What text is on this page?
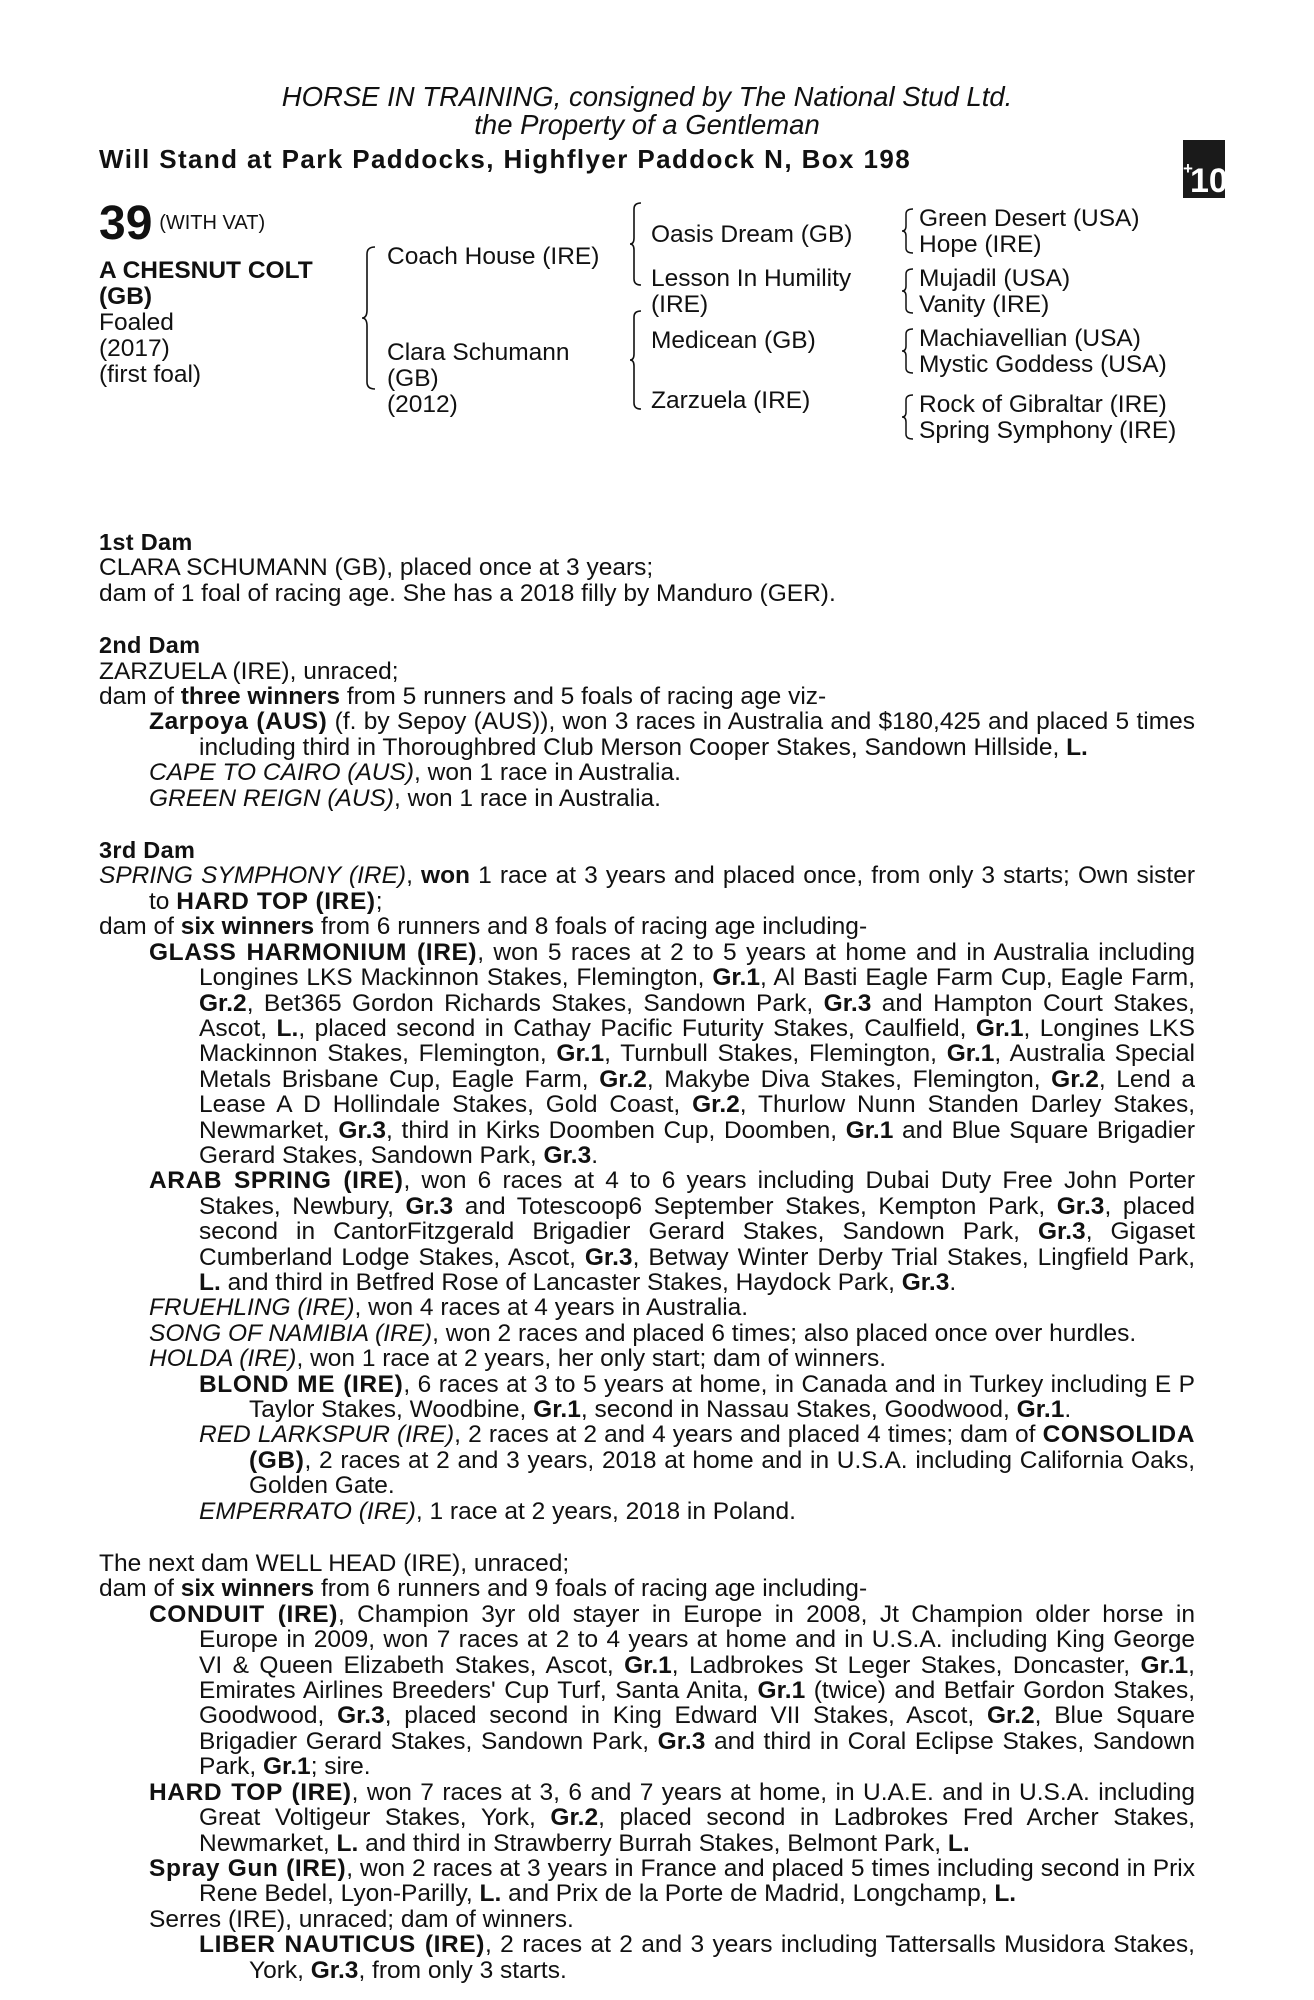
HORSE IN TRAINING, consigned by The National Stud Ltd.
the Property of a Gentleman
Will Stand at Park Paddocks, Highflyer Paddock N, Box 198
39 $^{(WITH VAT)}$
A CHESNUT COLT
(GB)
Foaled
(2017)
(first foal)
Coach House (IRE)
Clara Schumann
(GB)
(2012)
Oasis Dream (GB)
Lesson In Humility
(IRE)
Medicean (GB)
Zarzuela (IRE)
Green Desert (USA)
Hope (IRE)
Mujadil (USA)
Vanity (IRE)
Machiavellian (USA)
Mystic Goddess (USA)
Rock of Gibraltar (IRE)
Spring Symphony (IRE)

1st Dam

CLARA SCHUMANN (GB), placed once at 3 years;

dam of 1 foal of racing age. She has a 2018 filly by Manduro (GER).

2nd Dam

ZARZUELA (IRE), unraced;

dam of three winners from 5 runners and 5 foals of racing age viz-

Zarpoya (AUS) (f. by Sepoy (AUS)), won 3 races in Australia and $180,425 and placed 5 times including third in Thoroughbred Club Merson Cooper Stakes, Sandown Hillside, L.

CAPE TO CAIRO (AUS), won 1 race in Australia.

GREEN REIGN (AUS), won 1 race in Australia.

3rd Dam

SPRING SYMPHONY (IRE), won 1 race at 3 years and placed once, from only 3 starts; Own sister to HARD TOP (IRE);

dam of six winners from 6 runners and 8 foals of racing age including-

GLASS HARMONIUM (IRE), won 5 races at 2 to 5 years at home and in Australia including Longines LKS Mackinnon Stakes, Flemington, Gr.1, Al Basti Eagle Farm Cup, Eagle Farm, Gr.2, Bet365 Gordon Richards Stakes, Sandown Park, Gr.3 and Hampton Court Stakes, Ascot, L., placed second in Cathay Pacific Futurity Stakes, Caulfield, Gr.1, Longines LKS Mackinnon Stakes, Flemington, Gr.1, Turnbull Stakes, Flemington, Gr.1, Australia Special Metals Brisbane Cup, Eagle Farm, Gr.2, Makybe Diva Stakes, Flemington, Gr.2, Lend a Lease A D Hollindale Stakes, Gold Coast, Gr.2, Thurlow Nunn Standen Darley Stakes, Newmarket, Gr.3, third in Kirks Doomben Cup, Doomben, Gr.1 and Blue Square Brigadier Gerard Stakes, Sandown Park, Gr.3.

ARAB SPRING (IRE), won 6 races at 4 to 6 years including Dubai Duty Free John Porter Stakes, Newbury, Gr.3 and Totescoop6 September Stakes, Kempton Park, Gr.3, placed second in CantorFitzgerald Brigadier Gerard Stakes, Sandown Park, Gr.3, Gigaset Cumberland Lodge Stakes, Ascot, Gr.3, Betway Winter Derby Trial Stakes, Lingfield Park, L. and third in Betfred Rose of Lancaster Stakes, Haydock Park, Gr.3.

FRUEHLING (IRE), won 4 races at 4 years in Australia.

SONG OF NAMIBIA (IRE), won 2 races and placed 6 times; also placed once over hurdles.

HOLDA (IRE), won 1 race at 2 years, her only start; dam of winners.

BLOND ME (IRE), 6 races at 3 to 5 years at home, in Canada and in Turkey including E P Taylor Stakes, Woodbine, Gr.1, second in Nassau Stakes, Goodwood, Gr.1.

RED LARKSPUR (IRE), 2 races at 2 and 4 years and placed 4 times; dam of CONSOLIDA (GB), 2 races at 2 and 3 years, 2018 at home and in U.S.A. including California Oaks, Golden Gate.

EMPERRATO (IRE), 1 race at 2 years, 2018 in Poland.

The next dam WELL HEAD (IRE), unraced;

dam of six winners from 6 runners and 9 foals of racing age including-

CONDUIT (IRE), Champion 3yr old stayer in Europe in 2008, Jt Champion older horse in Europe in 2009, won 7 races at 2 to 4 years at home and in U.S.A. including King George VI & Queen Elizabeth Stakes, Ascot, Gr.1, Ladbrokes St Leger Stakes, Doncaster, Gr.1, Emirates Airlines Breeders' Cup Turf, Santa Anita, Gr.1 (twice) and Betfair Gordon Stakes, Goodwood, Gr.3, placed second in King Edward VII Stakes, Ascot, Gr.2, Blue Square Brigadier Gerard Stakes, Sandown Park, Gr.3 and third in Coral Eclipse Stakes, Sandown Park, Gr.1; sire.

HARD TOP (IRE), won 7 races at 3, 6 and 7 years at home, in U.A.E. and in U.S.A. including Great Voltigeur Stakes, York, Gr.2, placed second in Ladbrokes Fred Archer Stakes, Newmarket, L. and third in Strawberry Burrah Stakes, Belmont Park, L.

Spray Gun (IRE), won 2 races at 3 years in France and placed 5 times including second in Prix Rene Bedel, Lyon-Parilly, L. and Prix de la Porte de Madrid, Longchamp, L.

Serres (IRE), unraced; dam of winners.

LIBER NAUTICUS (IRE), 2 races at 2 and 3 years including Tattersalls Musidora Stakes, York, Gr.3, from only 3 starts.

+10
